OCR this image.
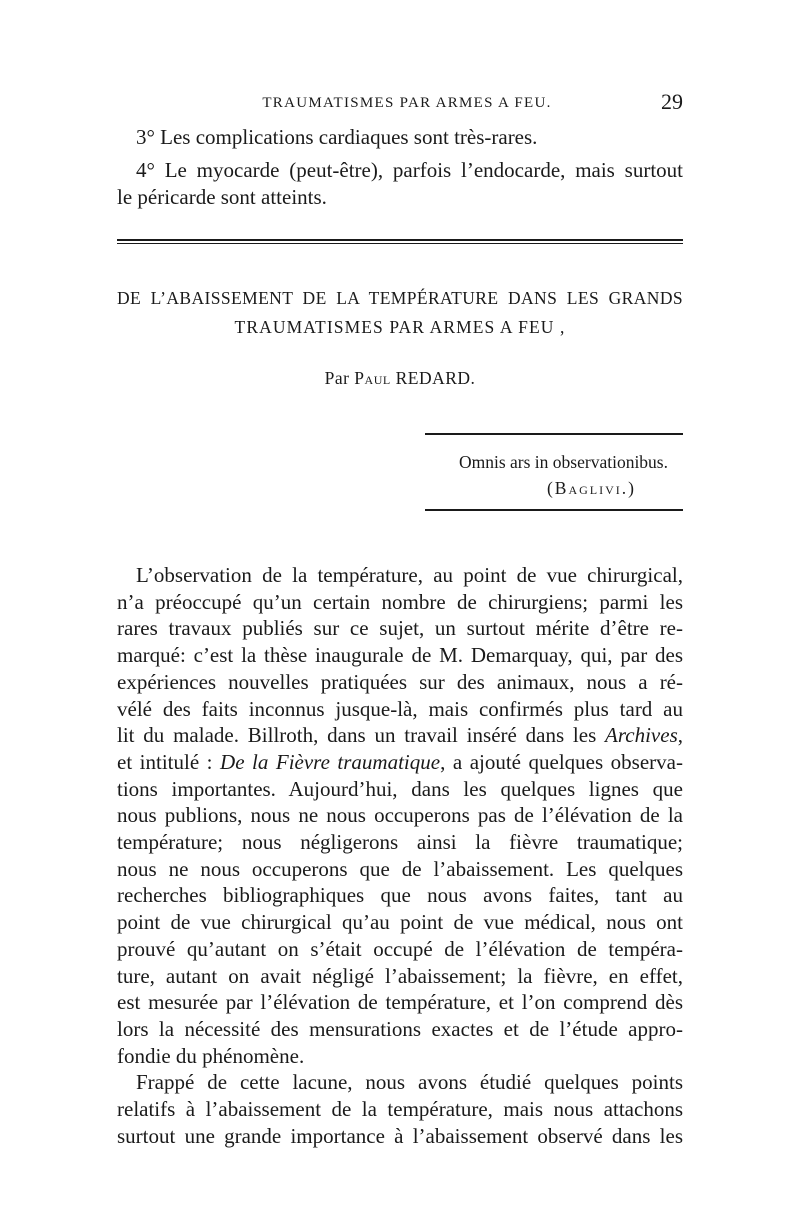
TRAUMATISMES PAR ARMES A FEU.	29
3° Les complications cardiaques sont très-rares.
4° Le myocarde (peut-être), parfois l’endocarde, mais surtout
le péricarde sont atteints.
DE L’ABAISSEMENT DE LA TEMPÉRATURE DANS LES GRANDS
TRAUMATISMES PAR ARMES A FEU ,
Par Paul REDARD.
Omnis ars in observationibus.
(Baglivi.)
L’observation de la température, au point de vue chirurgical,
n’a préoccupé qu’un certain nombre de chirurgiens; parmi les
rares travaux publiés sur ce sujet, un surtout mérite d’être re-
marqué: c’est la thèse inaugurale de M. Demarquay, qui, par des
expériences nouvelles pratiquées sur des animaux, nous a ré-
vélé des faits inconnus jusque-là, mais confirmés plus tard au
lit du malade. Billroth, dans un travail inséré dans les Archives,
et intitulé : De la Fièvre traumatique, a ajouté quelques observa-
tions importantes. Aujourd’hui, dans les quelques lignes que
nous publions, nous ne nous occuperons pas de l’élévation de la
température; nous négligerons ainsi la fièvre traumatique;
nous ne nous occuperons que de l’abaissement. Les quelques
recherches bibliographiques que nous avons faites, tant au
point de vue chirurgical qu’au point de vue médical, nous ont
prouvé qu’autant on s’était occupé de l’élévation de tempéra-
ture, autant on avait négligé l’abaissement; la fièvre, en effet,
est mesurée par l’élévation de température, et l’on comprend dès
lors la nécessité des mensurations exactes et de l’étude appro-
fondie du phénomène.
Frappé de cette lacune, nous avons étudié quelques points
relatifs à l’abaissement de la température, mais nous attachons
surtout une grande importance à l’abaissement observé dans les
